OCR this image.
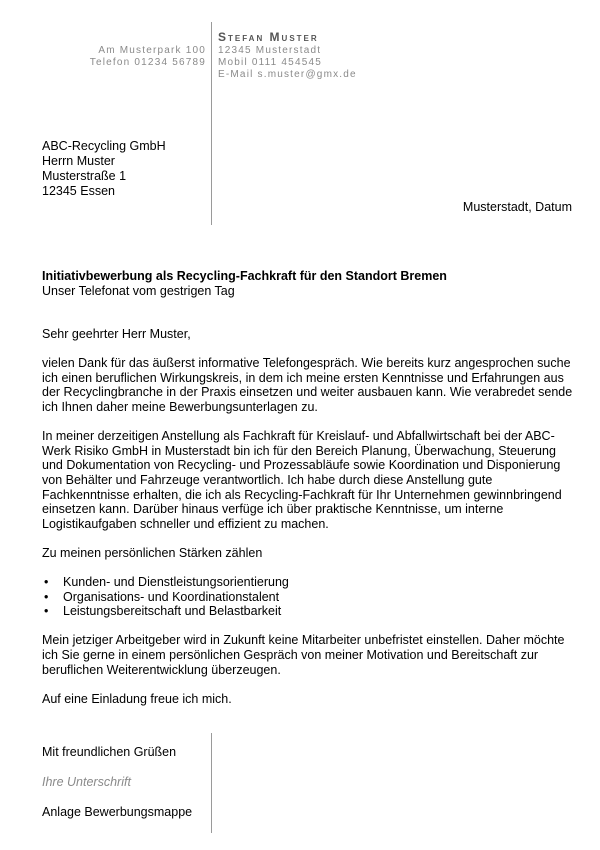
Am Musterpark 100
Telefon 01234 56789
Stefan Muster
12345 Musterstadt
Mobil 0111 454545
E-Mail s.muster@gmx.de
ABC-Recycling GmbH
Herrn Muster
Musterstraße 1
12345 Essen
Musterstadt, Datum
Initiativbewerbung als Recycling-Fachkraft für den Standort Bremen
Unser Telefonat vom gestrigen Tag

Sehr geehrter Herr Muster,

vielen Dank für das äußerst informative Telefongespräch. Wie bereits kurz angesprochen suche ich einen beruflichen Wirkungskreis, in dem ich meine ersten Kenntnisse und Erfahrungen aus der Recyclingbranche in der Praxis einsetzen und weiter ausbauen kann. Wie verabredet sende ich Ihnen daher meine Bewerbungsunterlagen zu.

In meiner derzeitigen Anstellung als Fachkraft für Kreislauf- und Abfallwirtschaft bei der ABC-Werk Risiko GmbH in Musterstadt bin ich für den Bereich Planung, Überwachung, Steuerung und Dokumentation von Recycling- und Prozessabläufe sowie Koordination und Disponierung von Behälter und Fahrzeuge verantwortlich. Ich habe durch diese Anstellung gute Fachkenntnisse erhalten, die ich als Recycling-Fachkraft für Ihr Unternehmen gewinnbringend einsetzen kann. Darüber hinaus verfüge ich über praktische Kenntnisse, um interne Logistikaufgaben schneller und effizient zu machen.

Zu meinen persönlichen Stärken zählen

• Kunden- und Dienstleistungsorientierung
• Organisations- und Koordinationstalent
• Leistungsbereitschaft und Belastbarkeit

Mein jetziger Arbeitgeber wird in Zukunft keine Mitarbeiter unbefristet einstellen. Daher möchte ich Sie gerne in einem persönlichen Gespräch von meiner Motivation und Bereitschaft zur beruflichen Weiterentwicklung überzeugen.

Auf eine Einladung freue ich mich.

Mit freundlichen Grüßen
Ihre Unterschrift
Anlage Bewerbungsmappe
